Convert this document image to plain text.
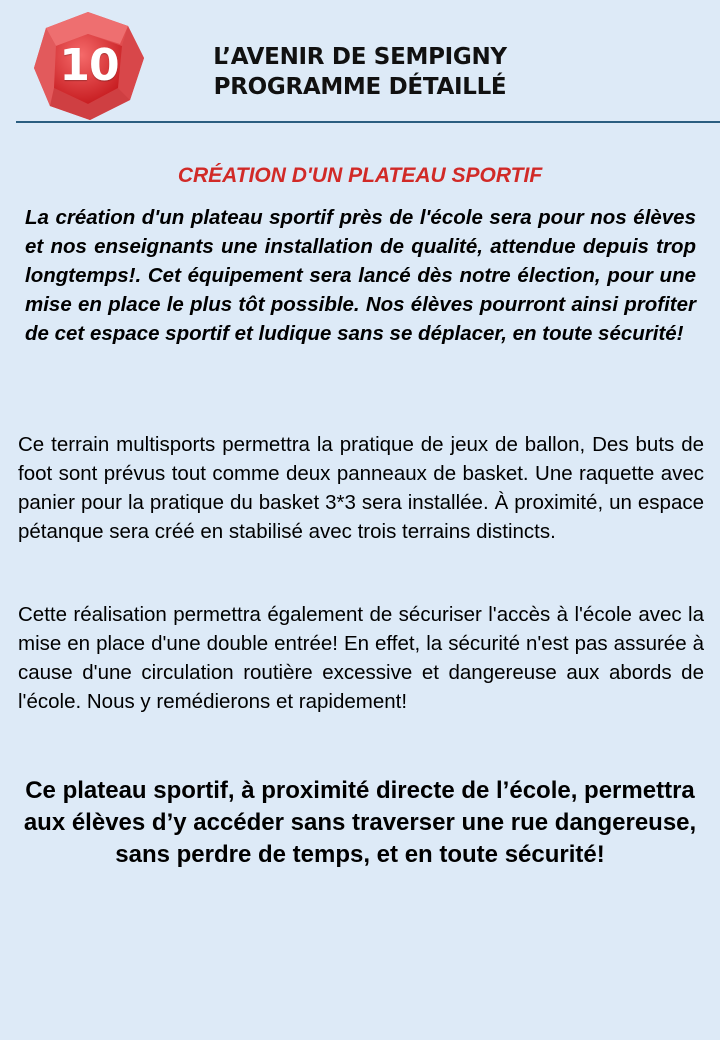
10	L’AVENIR DE SEMPIGNY
PROGRAMME DÉTAILLÉ
CRÉATION D'UN PLATEAU SPORTIF
La création d'un plateau sportif près de l'école sera pour nos élèves et nos enseignants une installation de qualité, attendue depuis trop longtemps!. Cet équipement sera lancé dès notre élection, pour une mise en place le plus tôt possible. Nos élèves pourront ainsi profiter de cet espace sportif et ludique sans se déplacer, en toute sécurité!
Ce terrain multisports permettra la pratique de jeux de ballon, Des buts de foot sont prévus tout comme deux panneaux de basket. Une raquette avec panier pour la pratique du basket 3*3 sera installée. À proximité, un espace pétanque sera créé en stabilisé avec trois terrains distincts.
Cette réalisation permettra également de sécuriser l'accès à l'école avec la mise en place d'une double entrée! En effet, la sécurité n'est pas assurée à cause d'une circulation routière excessive et dangereuse aux abords de l'école. Nous y remédierons et rapidement!
Ce plateau sportif, à proximité directe de l’école, permettra aux élèves d’y accéder sans traverser une rue dangereuse, sans perdre de temps, et en toute sécurité!
